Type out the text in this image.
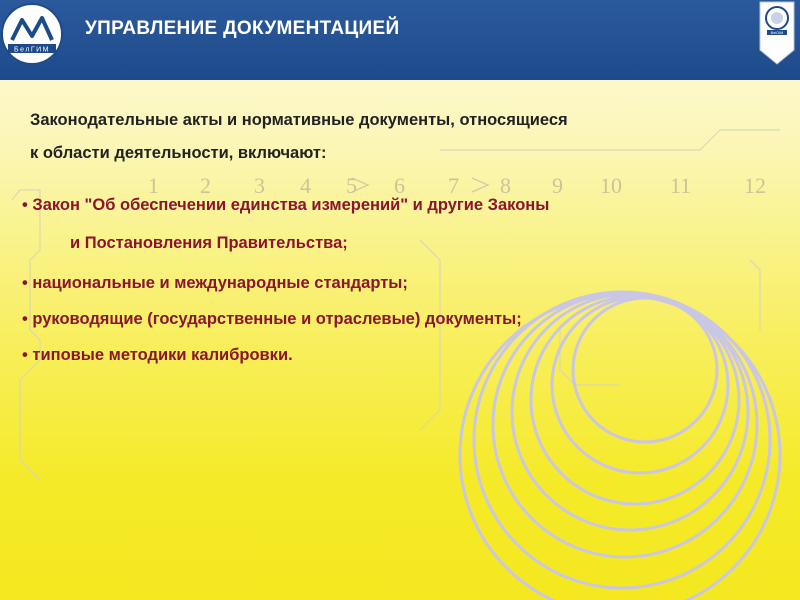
1 2 3 4 5 6 7 8 9 10 11 12
БелГИМ
УПРАВЛЕНИЕ ДОКУМЕНТАЦИЕЙ	BelGIM
Законодательные акты и нормативные документы, относящиеся
к области деятельности, включают:
• Закон "Об обеспечении единства измерений" и другие Законы
и Постановления Правительства;
• национальные и международные стандарты;
• руководящие (государственные и отраслевые) документы;
• типовые методики калибровки.
